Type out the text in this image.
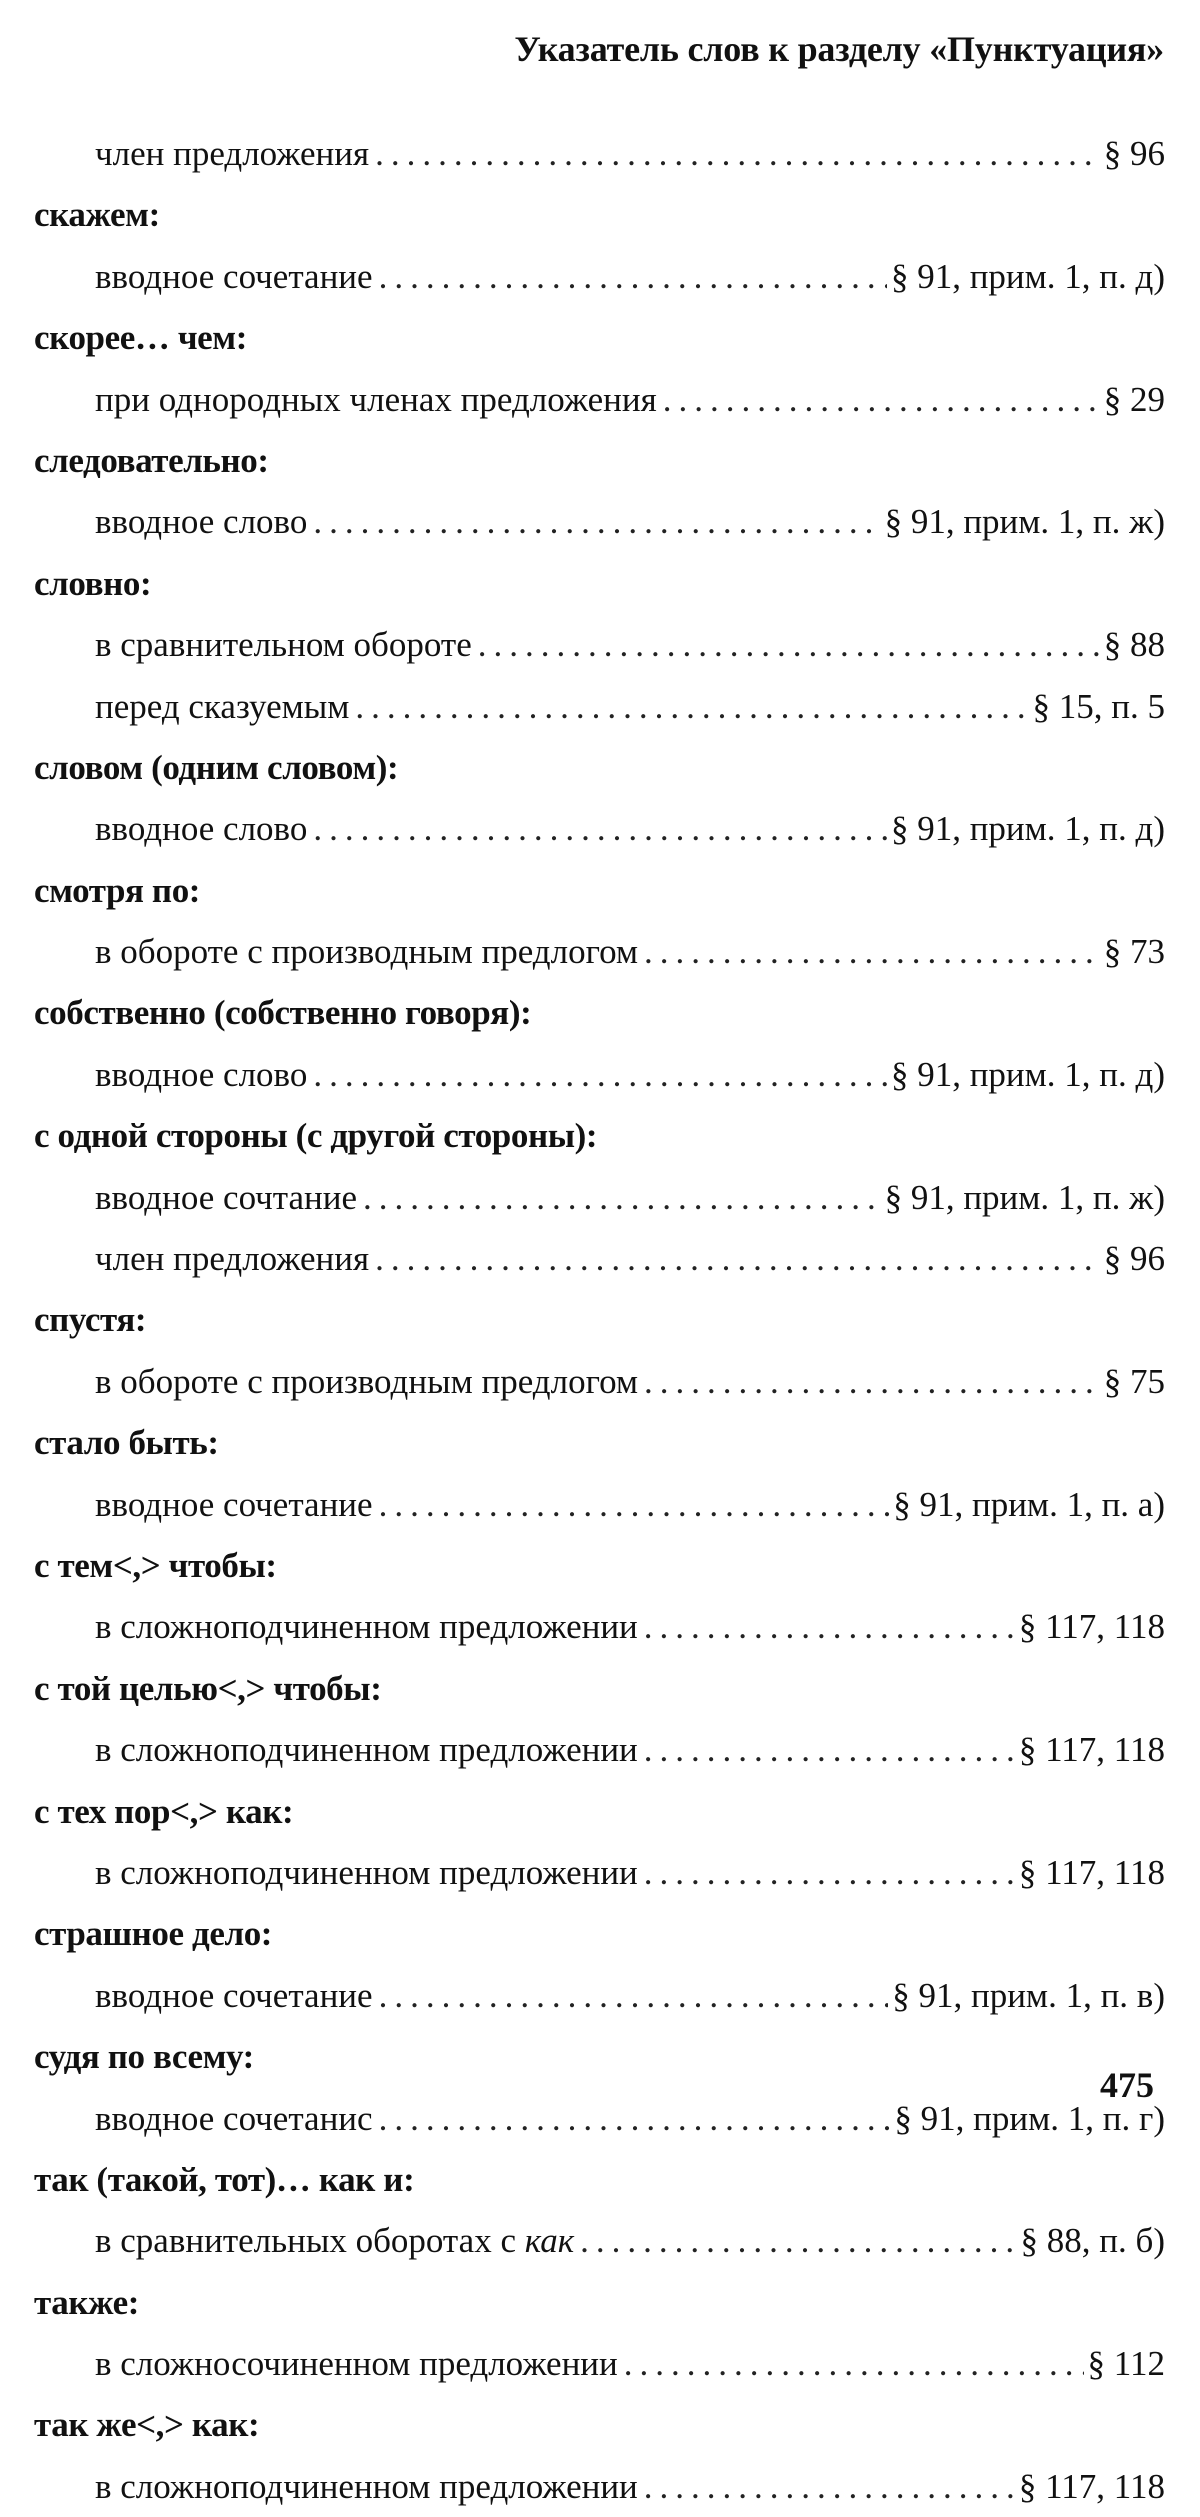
Указатель слов к разделу «Пунктуация»
член предложения .....	§ 96
скажем:
вводное сочетание .....	§ 91, прим. 1, п. д)
скорее… чем:
при однородных членах предложения .....	§ 29
следовательно:
вводное слово .....	§ 91, прим. 1, п. ж)
словно:
в сравнительном обороте .....	§ 88
перед сказуемым .....	§ 15, п. 5
словом (одним словом):
вводное слово .....	§ 91, прим. 1, п. д)
смотря по:
в обороте с производным предлогом .....	§ 73
собственно (собственно говоря):
вводное слово .....	§ 91, прим. 1, п. д)
с одной стороны (с другой стороны):
вводное сочтание .....	§ 91, прим. 1, п. ж)
член предложения .....	§ 96
спустя:
в обороте с производным предлогом .....	§ 75
стало быть:
вводное сочетание .....	§ 91, прим. 1, п. а)
с тем<,> чтобы:
в сложноподчиненном предложении .....	§ 117, 118
с той целью<,> чтобы:
в сложноподчиненном предложении .....	§ 117, 118
с тех пор<,> как:
в сложноподчиненном предложении .....	§ 117, 118
страшное дело:
вводное сочетание .....	§ 91, прим. 1, п. в)
судя по всему:
вводное сочетанис .....	§ 91, прим. 1, п. г)
так (такой, тот)… как и:
в сравнительных оборотах с как .....	§ 88, п. б)
также:
в сложносочиненном предложении .....	§ 112
так же<,> как:
в сложноподчиненном предложении .....	§ 117, 118
475
